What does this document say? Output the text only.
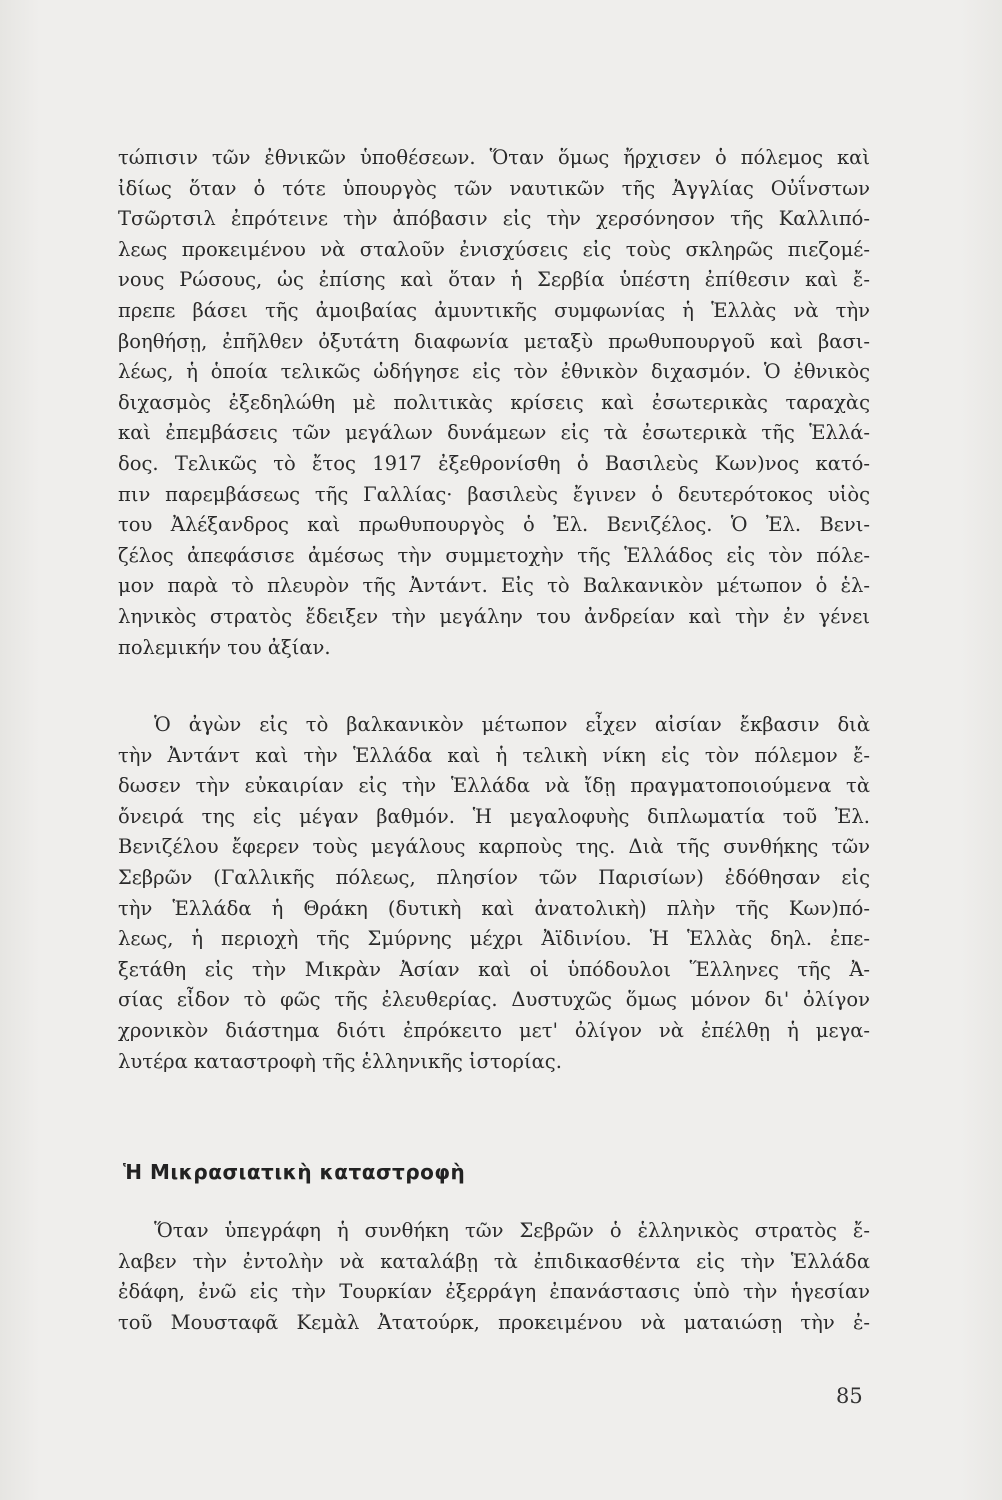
τώπισιν τῶν ἐθνικῶν ὑποθέσεων. Ὅταν ὅμως ἤρχισεν ὁ πόλεμος καὶ
ἰδίως ὅταν ὁ τότε ὑπουργὸς τῶν ναυτικῶν τῆς Ἀγγλίας Οὐΐνστων
Τσῶρτσιλ ἐπρότεινε τὴν ἀπόβασιν εἰς τὴν χερσόνησον τῆς Καλλιπό-
λεως προκειμένου νὰ σταλοῦν ἐνισχύσεις εἰς τοὺς σκληρῶς πιεζομέ-
νους Ρώσους, ὡς ἐπίσης καὶ ὅταν ἡ Σερβία ὑπέστη ἐπίθεσιν καὶ ἔ-
πρεπε βάσει τῆς ἀμοιβαίας ἀμυντικῆς συμφωνίας ἡ Ἑλλὰς νὰ τὴν
βοηθήσῃ, ἐπῆλθεν ὀξυτάτη διαφωνία μεταξὺ πρωθυπουργοῦ καὶ βασι-
λέως, ἡ ὁποία τελικῶς ὡδήγησε εἰς τὸν ἐθνικὸν διχασμόν. Ὁ ἐθνικὸς
διχασμὸς ἐξεδηλώθη μὲ πολιτικὰς κρίσεις καὶ ἐσωτερικὰς ταραχὰς
καὶ ἐπεμβάσεις τῶν μεγάλων δυνάμεων εἰς τὰ ἐσωτερικὰ τῆς Ἑλλά-
δος. Τελικῶς τὸ ἔτος 1917 ἐξεθρονίσθη ὁ Βασιλεὺς Κων)νος κατό-
πιν παρεμβάσεως τῆς Γαλλίας· βασιλεὺς ἔγινεν ὁ δευτερότοκος υἱὸς
του Ἀλέξανδρος καὶ πρωθυπουργὸς ὁ Ἐλ. Βενιζέλος. Ὁ Ἐλ. Βενι-
ζέλος ἀπεφάσισε ἀμέσως τὴν συμμετοχὴν τῆς Ἑλλάδος εἰς τὸν πόλε-
μον παρὰ τὸ πλευρὸν τῆς Ἀντάντ. Εἰς τὸ Βαλκανικὸν μέτωπον ὁ ἑλ-
ληνικὸς στρατὸς ἔδειξεν τὴν μεγάλην του ἀνδρείαν καὶ τὴν ἐν γένει
πολεμικήν του ἀξίαν.
Ὁ ἀγὼν εἰς τὸ βαλκανικὸν μέτωπον εἶχεν αἰσίαν ἔκβασιν διὰ
τὴν Ἀντάντ καὶ τὴν Ἑλλάδα καὶ ἡ τελικὴ νίκη εἰς τὸν πόλεμον ἔ-
δωσεν τὴν εὐκαιρίαν εἰς τὴν Ἑλλάδα νὰ ἴδῃ πραγματοποιούμενα τὰ
ὄνειρά της εἰς μέγαν βαθμόν. Ἡ μεγαλοφυὴς διπλωματία τοῦ Ἐλ.
Βενιζέλου ἔφερεν τοὺς μεγάλους καρποὺς της. Διὰ τῆς συνθήκης τῶν
Σεβρῶν (Γαλλικῆς πόλεως, πλησίον τῶν Παρισίων) ἐδόθησαν εἰς
τὴν Ἑλλάδα ἡ Θράκη (δυτικὴ καὶ ἀνατολικὴ) πλὴν τῆς Κων)πό-
λεως, ἡ περιοχὴ τῆς Σμύρνης μέχρι Ἀϊδινίου. Ἡ Ἑλλὰς δηλ. ἐπε-
ξετάθη εἰς τὴν Μικρὰν Ἀσίαν καὶ οἱ ὑπόδουλοι Ἕλληνες τῆς Ἀ-
σίας εἶδον τὸ φῶς τῆς ἐλευθερίας. Δυστυχῶς ὅμως μόνον δι' ὀλίγον
χρονικὸν διάστημα διότι ἐπρόκειτο μετ' ὀλίγον νὰ ἐπέλθῃ ἡ μεγα-
λυτέρα καταστροφὴ τῆς ἑλληνικῆς ἱστορίας.
Ἡ Μικρασιατικὴ καταστροφὴ
Ὅταν ὑπεγράφη ἡ συνθήκη τῶν Σεβρῶν ὁ ἑλληνικὸς στρατὸς ἔ-
λαβεν τὴν ἐντολὴν νὰ καταλάβῃ τὰ ἐπιδικασθέντα εἰς τὴν Ἑλλάδα
ἐδάφη, ἐνῶ εἰς τὴν Τουρκίαν ἐξερράγη ἐπανάστασις ὑπὸ τὴν ἡγεσίαν
τοῦ Μουσταφᾶ Κεμὰλ Ἀτατούρκ, προκειμένου νὰ ματαιώσῃ τὴν ἐ-
85
